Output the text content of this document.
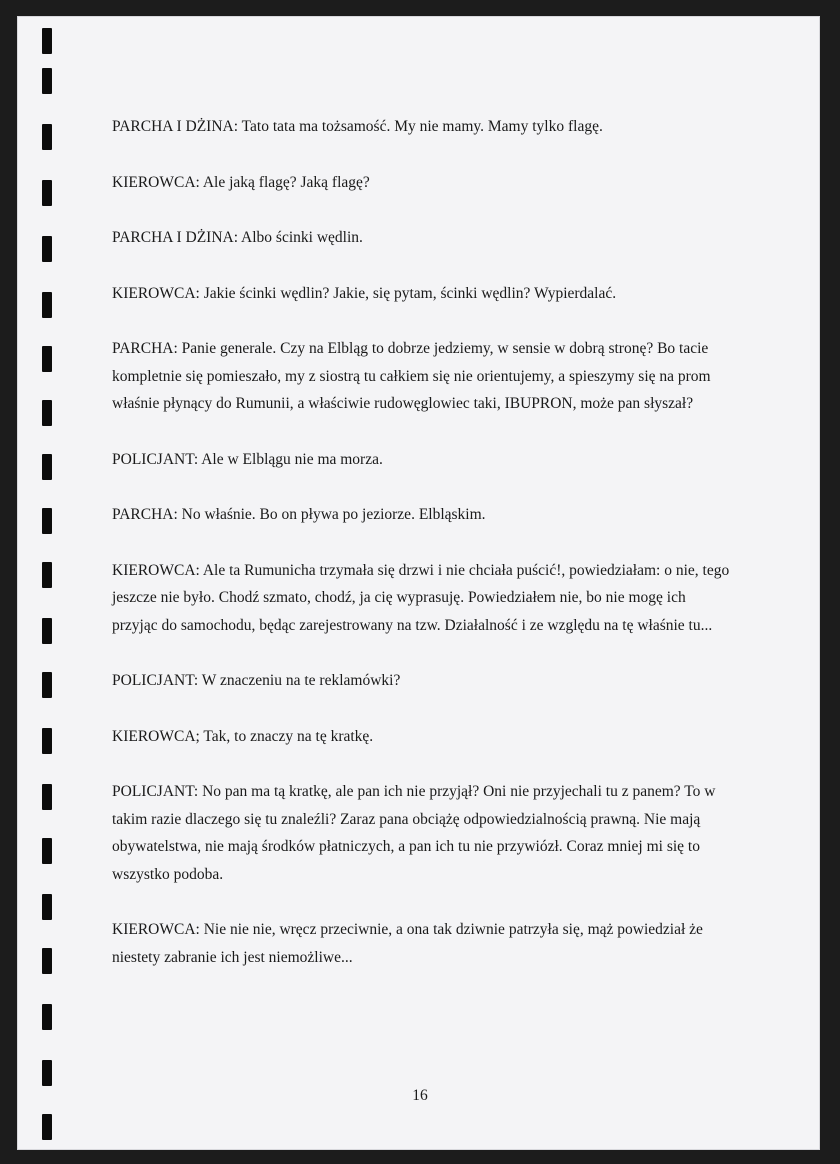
PARCHA I DŻINA: Tato tata ma tożsamość. My nie mamy. Mamy tylko flagę.

KIEROWCA: Ale jaką flagę? Jaką flagę?

PARCHA I DŻINA: Albo ścinki wędlin.

KIEROWCA: Jakie ścinki wędlin? Jakie, się pytam, ścinki wędlin? Wypierdalać.

PARCHA: Panie generale. Czy na Elbląg to dobrze jedziemy, w sensie w dobrą stronę? Bo tacie kompletnie się pomieszało, my z siostrą tu całkiem się nie orientujemy, a spieszymy się na prom właśnie płynący do Rumunii, a właściwie rudowęglowiec taki, IBUPRON, może pan słyszał?

POLICJANT: Ale w Elblągu nie ma morza.

PARCHA: No właśnie. Bo on pływa po jeziorze. Elbląskim.

KIEROWCA: Ale ta Rumunicha trzymała się drzwi i nie chciała puścić!, powiedziałam: o nie, tego jeszcze nie było. Chodź szmato, chodź, ja cię wyprasuję. Powiedziałem nie, bo nie mogę ich przyjąc do samochodu, będąc zarejestrowany na tzw. Działalność i ze względu na tę właśnie tu...

POLICJANT: W znaczeniu na te reklamówki?

KIEROWCA; Tak, to znaczy na tę kratkę.

POLICJANT: No pan ma tą kratkę, ale pan ich nie przyjął? Oni nie przyjechali tu z panem? To w takim razie dlaczego się tu znaleźli? Zaraz pana obciążę odpowiedzialnością prawną. Nie mają obywatelstwa, nie mają środków płatniczych, a pan ich tu nie przywiózł. Coraz mniej mi się to wszystko podoba.

KIEROWCA: Nie nie nie, wręcz przeciwnie, a ona tak dziwnie patrzyła się, mąż powiedział że niestety zabranie ich jest niemożliwe...

16
